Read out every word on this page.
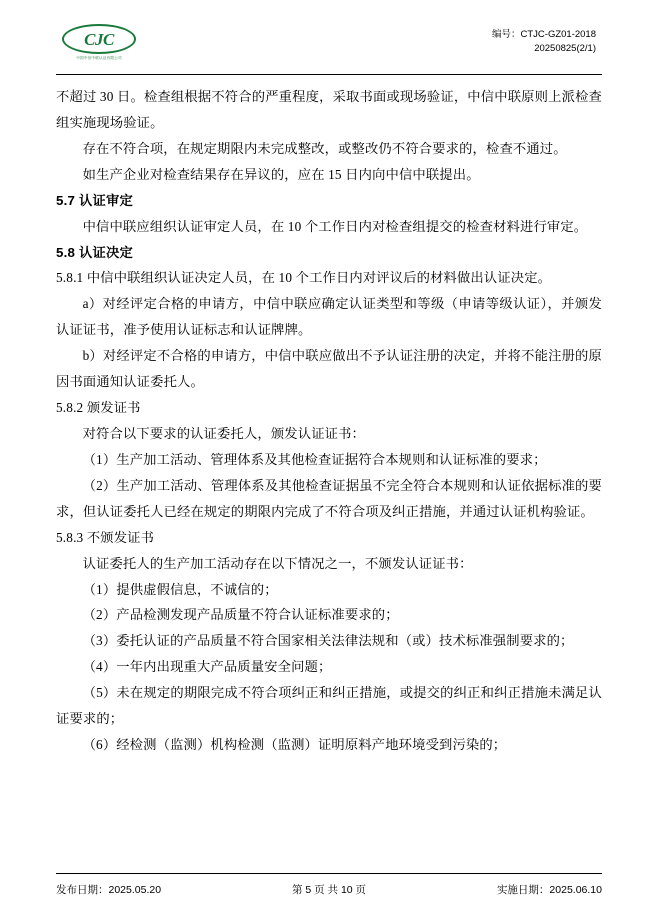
CJC
中国中信中联认证有限公司
编号：CTJC-GZ01-2018
20250825(2/1)

不超过 30 日。检查组根据不符合的严重程度，采取书面或现场验证，中信中联原则上派检查组实施现场验证。

存在不符合项，在规定期限内未完成整改，或整改仍不符合要求的，检查不通过。

如生产企业对检查结果存在异议的，应在 15 日内向中信中联提出。

5.7 认证审定

中信中联应组织认证审定人员，在 10 个工作日内对检查组提交的检查材料进行审定。

5.8 认证决定

5.8.1 中信中联组织认证决定人员，在 10 个工作日内对评议后的材料做出认证决定。

a）对经评定合格的申请方，中信中联应确定认证类型和等级（申请等级认证），并颁发认证证书，准予使用认证标志和认证牌牌。

b）对经评定不合格的申请方，中信中联应做出不予认证注册的决定，并将不能注册的原因书面通知认证委托人。

5.8.2 颁发证书

对符合以下要求的认证委托人，颁发认证证书：

（1）生产加工活动、管理体系及其他检查证据符合本规则和认证标准的要求；

（2）生产加工活动、管理体系及其他检查证据虽不完全符合本规则和认证依据标准的要求，但认证委托人已经在规定的期限内完成了不符合项及纠正措施，并通过认证机构验证。

5.8.3 不颁发证书

认证委托人的生产加工活动存在以下情况之一，不颁发认证证书：

（1）提供虚假信息，不诚信的；

（2）产品检测发现产品质量不符合认证标准要求的；

（3）委托认证的产品质量不符合国家相关法律法规和（或）技术标准强制要求的；

（4）一年内出现重大产品质量安全问题；

（5）未在规定的期限完成不符合项纠正和纠正措施，或提交的纠正和纠正措施未满足认证要求的；

（6）经检测（监测）机构检测（监测）证明原料产地环境受到污染的；

发布日期：2025.05.20	第 5 页 共 10 页	实施日期：2025.06.10
